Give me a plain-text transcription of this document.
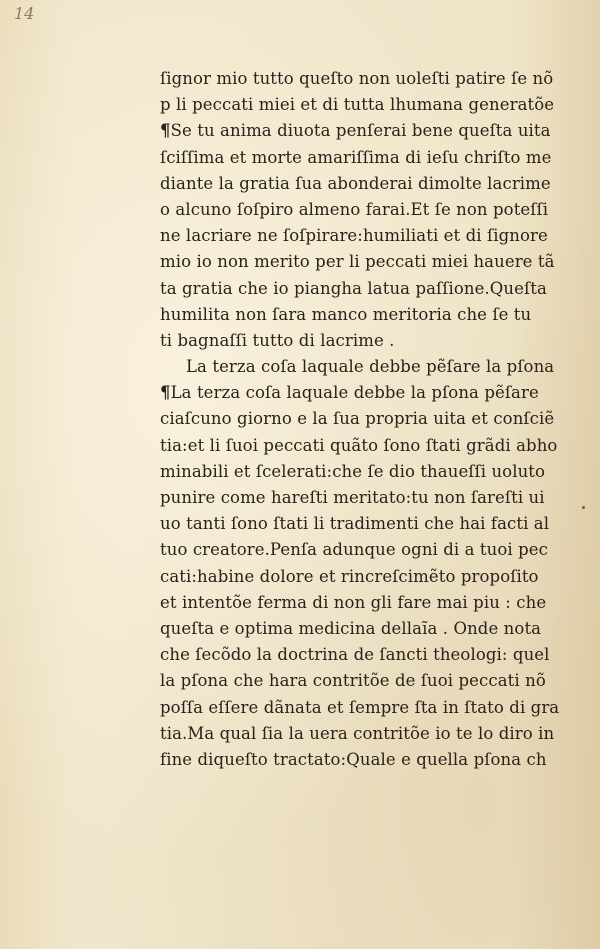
14
ſignor mio tutto queſto non uoleſti patire ſe nõ
p li peccati miei et di tutta lhumana generatõe
¶Se tu anima diuota penſerai bene queſta uita
ſciſſima et morte amariſſima di ieſu chriſto me
diante la gratia ſua abonderai dimolte lacrime
o alcuno ſoſpiro almeno farai.Et ſe non poteſſi
ne lacriare ne ſoſpirare:humiliati et di ſignore
mio io non merito per li peccati miei hauere tã
ta gratia che io piangha latua paſſione.Queſta
humilita non ſara manco meritoria che ſe tu
ti bagnaſſi tutto di lacrime .
La terza coſa laquale debbe pẽſare la pſona
¶La terza coſa laquale debbe la pſona pẽſare
ciaſcuno giorno e la ſua propria uita et conſciẽ
tia:et li ſuoi peccati quãto ſono ſtati grãdi abho
minabili et ſcelerati:che ſe dio thaueſſi uoluto
punire come hareſti meritato:tu non ſareſti ui
uo tanti ſono ſtati li tradimenti che hai facti al
tuo creatore.Penſa adunque ogni di a tuoi pec
cati:habine dolore et rincreſcimẽto propoſito
et intentõe ferma di non gli fare mai piu : che
queſta e optima medicina dellaĩa . Onde nota
che ſecõdo la doctrina de ſancti theologi: quel
la pſona che hara contritõe de ſuoi peccati nõ
poſſa eſſere dãnata et ſempre ſta in ſtato di gra
tia.Ma qual ſia la uera contritõe io te lo diro in
fine diqueſto tractato:Quale e quella pſona ch
